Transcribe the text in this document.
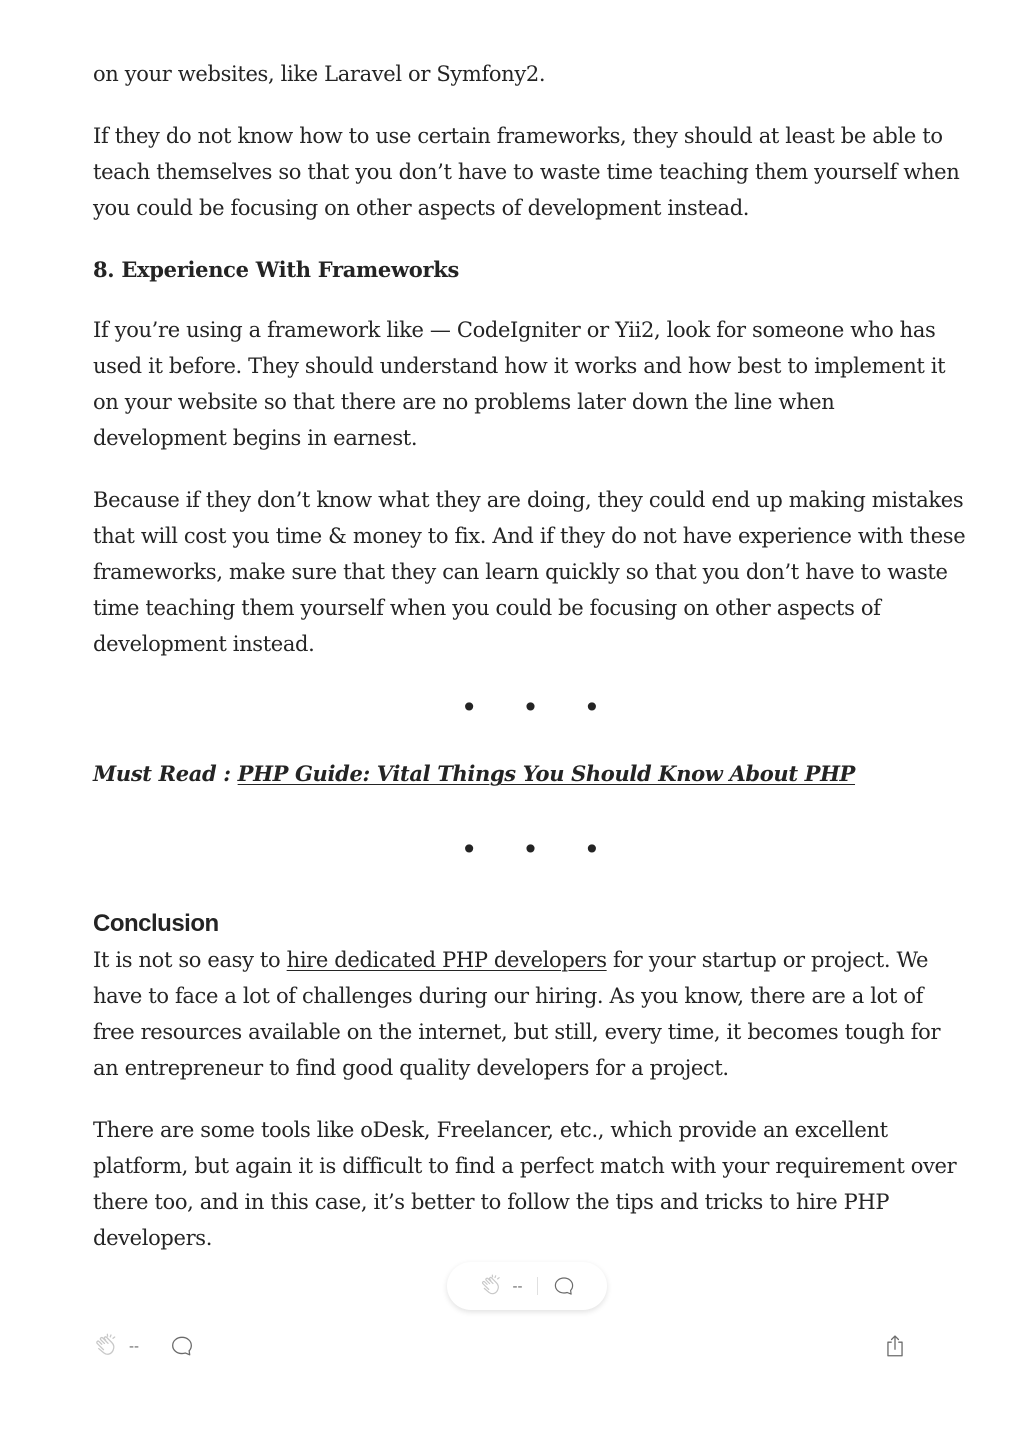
on your websites, like Laravel or Symfony2.

If they do not know how to use certain frameworks, they should at least be able to teach themselves so that you don’t have to waste time teaching them yourself when you could be focusing on other aspects of development instead.

8. Experience With Frameworks

If you’re using a framework like — CodeIgniter or Yii2, look for someone who has used it before. They should understand how it works and how best to implement it on your website so that there are no problems later down the line when development begins in earnest.

Because if they don’t know what they are doing, they could end up making mistakes that will cost you time & money to fix. And if they do not have experience with these frameworks, make sure that they can learn quickly so that you don’t have to waste time teaching them yourself when you could be focusing on other aspects of development instead.

• • •

Must Read : PHP Guide: Vital Things You Should Know About PHP

• • •
Conclusion

It is not so easy to hire dedicated PHP developers for your startup or project. We have to face a lot of challenges during our hiring. As you know, there are a lot of free resources available on the internet, but still, every time, it becomes tough for an entrepreneur to find good quality developers for a project.

There are some tools like oDesk, Freelancer, etc., which provide an excellent platform, but again it is difficult to find a perfect match with your requirement over there too, and in this case, it’s better to follow the tips and tricks to hire PHP developers.

--
--
